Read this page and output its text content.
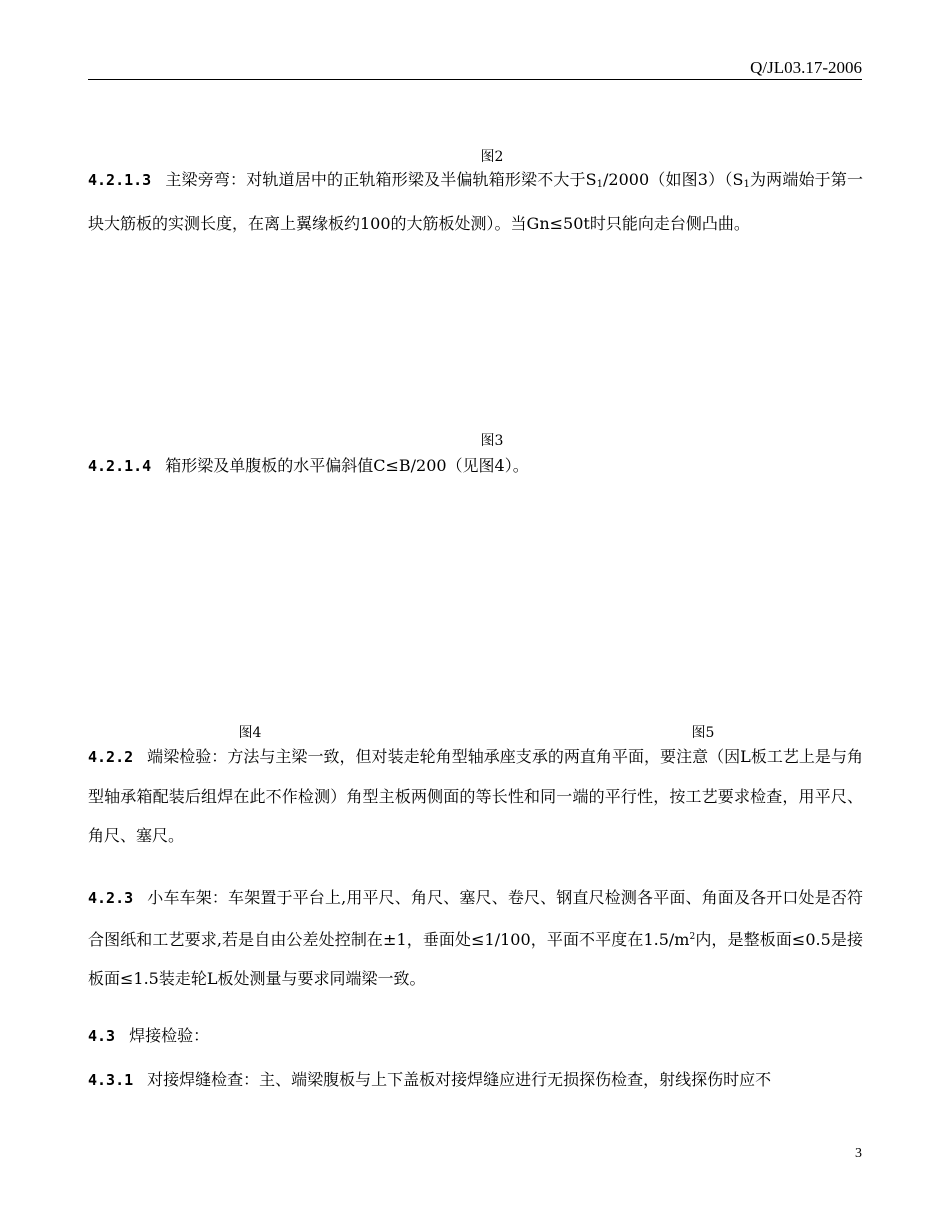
Q/JL03.17-2006
图2
4.2.1.3 主梁旁弯：对轨道居中的正轨箱形梁及半偏轨箱形梁不大于$S_1/2000$（如图$3)(S_1$为两端始于第一块大筋板的实测长度，在离上翼缘板约100的大筋板处测）。当Gn≤50t时只能向走台侧凸曲。
图3
4.2.1.4 箱形梁及单腹板的水平偏斜值C≤B/200（见图4）。
图4	图5
4.2.2 端梁检验：方法与主梁一致，但对装走轮角型轴承座支承的两直角平面，要注意（因L板工艺上是与角型轴承箱配装后组焊在此不作检测）角型主板两侧面的等长性和同一端的平行性，按工艺要求检查，用平尺、角尺、塞尺。
4.2.3 小车车架：车架置于平台上,用平尺、角尺、塞尺、卷尺、钢直尺检测各平面、角面及各开口处是否符合图纸和工艺要求,若是自由公差处控制在±1，垂面处≤1/100，平面不平度在$1.5/m^2$内，是整板面≤0.5是接板面≤1.5装走轮L板处测量与要求同端梁一致。
4.3 焊接检验：
4.3.1 对接焊缝检查：主、端梁腹板与上下盖板对接焊缝应进行无损探伤检查，射线探伤时应不
3
